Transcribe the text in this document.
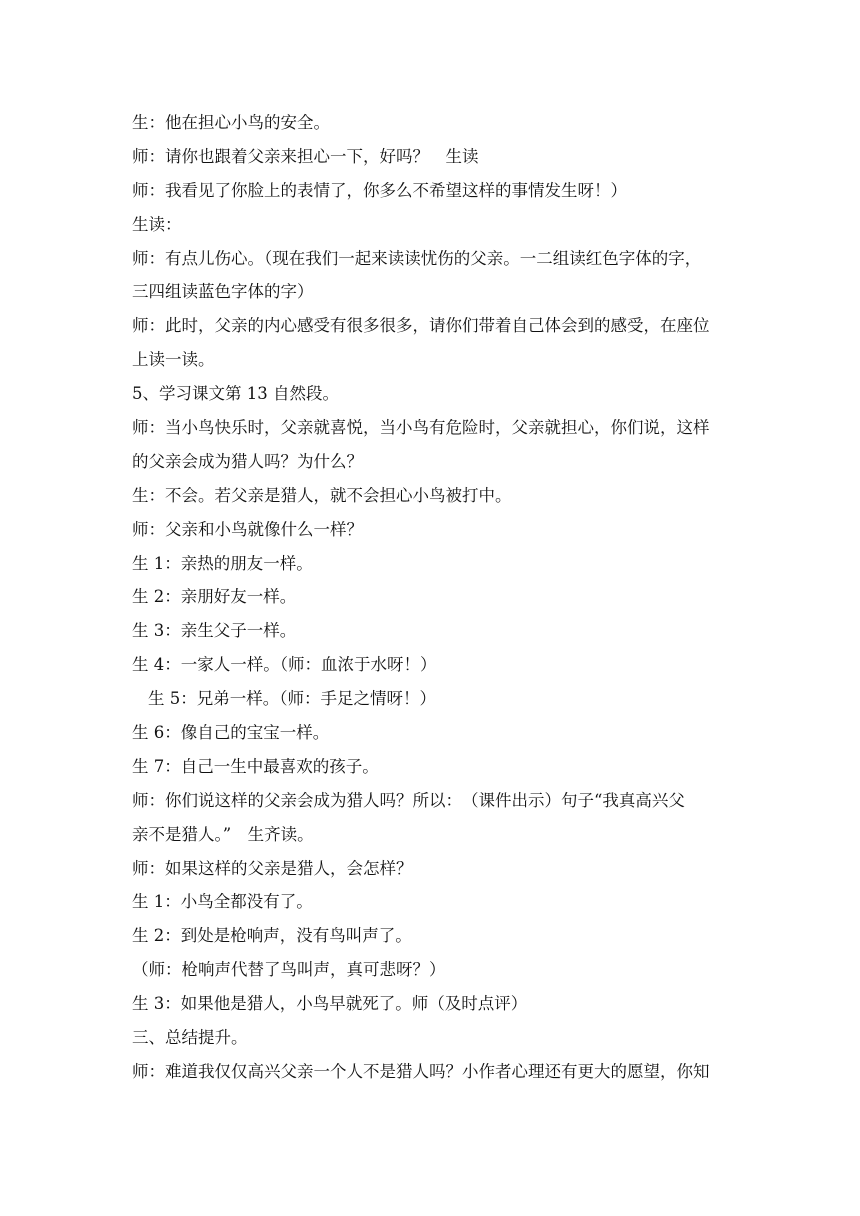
生：他在担心小鸟的安全。
师：请你也跟着父亲来担心一下，好吗？　生读
师：我看见了你脸上的表情了，你多么不希望这样的事情发生呀！）
生读：
师：有点儿伤心。（现在我们一起来读读忧伤的父亲。一二组读红色字体的字，
三四组读蓝色字体的字）
师：此时，父亲的内心感受有很多很多，请你们带着自己体会到的感受，在座位
上读一读。
5、学习课文第 13 自然段。
师：当小鸟快乐时，父亲就喜悦，当小鸟有危险时，父亲就担心，你们说，这样
的父亲会成为猎人吗？为什么？
生：不会。若父亲是猎人，就不会担心小鸟被打中。
师：父亲和小鸟就像什么一样？
生 1：亲热的朋友一样。
生 2：亲朋好友一样。
生 3：亲生父子一样。
生 4：一家人一样。（师：血浓于水呀！）
生 5：兄弟一样。（师：手足之情呀！）
生 6：像自己的宝宝一样。
生 7：自己一生中最喜欢的孩子。
师：你们说这样的父亲会成为猎人吗？所以：　（课件出示）句子“我真高兴父
亲不是猎人。”　生齐读。
师：如果这样的父亲是猎人，会怎样？
生 1：小鸟全都没有了。
生 2：到处是枪响声，没有鸟叫声了。
（师：枪响声代替了鸟叫声，真可悲呀？）
生 3：如果他是猎人，小鸟早就死了。师（及时点评）
三、总结提升。
师：难道我仅仅高兴父亲一个人不是猎人吗？小作者心理还有更大的愿望，你知
